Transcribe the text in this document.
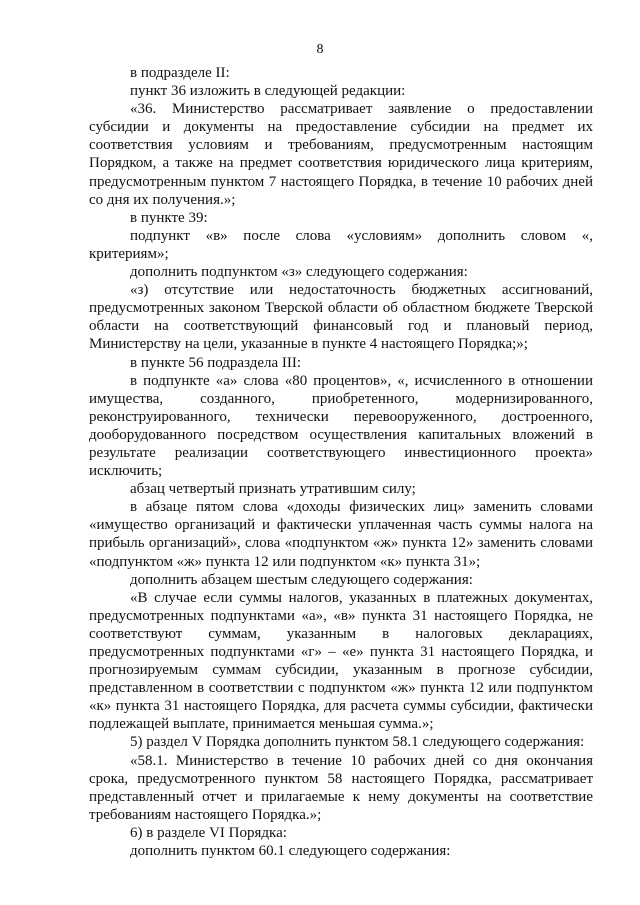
8

в подразделе II:

пункт 36 изложить в следующей редакции:

«36. Министерство рассматривает заявление о предоставлении субсидии и документы на предоставление субсидии на предмет их соответствия условиям и требованиям, предусмотренным настоящим Порядком, а также на предмет соответствия юридического лица критериям, предусмотренным пунктом 7 настоящего Порядка, в течение 10 рабочих дней со дня их получения.»;

в пункте 39:

подпункт «в» после слова «условиям» дополнить словом «, критериям»;

дополнить подпунктом «з» следующего содержания:

«з) отсутствие или недостаточность бюджетных ассигнований, предусмотренных законом Тверской области об областном бюджете Тверской области на соответствующий финансовый год и плановый период, Министерству на цели, указанные в пункте 4 настоящего Порядка;»;

в пункте 56 подраздела III:

в подпункте «а» слова «80 процентов», «, исчисленного в отношении имущества, созданного, приобретенного, модернизированного, реконструированного, технически перевооруженного, достроенного, дооборудованного посредством осуществления капитальных вложений в результате реализации соответствующего инвестиционного проекта» исключить;

абзац четвертый признать утратившим силу;

в абзаце пятом слова «доходы физических лиц» заменить словами «имущество организаций и фактически уплаченная часть суммы налога на прибыль организаций», слова «подпунктом «ж» пункта 12» заменить словами «подпунктом «ж» пункта 12 или подпунктом «к» пункта 31»;

дополнить абзацем шестым следующего содержания:

«В случае если суммы налогов, указанных в платежных документах, предусмотренных подпунктами «а», «в» пункта 31 настоящего Порядка, не соответствуют суммам, указанным в налоговых декларациях, предусмотренных подпунктами «г» – «е» пункта 31 настоящего Порядка, и прогнозируемым суммам субсидии, указанным в прогнозе субсидии, представленном в соответствии с подпунктом «ж» пункта 12 или подпунктом «к» пункта 31 настоящего Порядка, для расчета суммы субсидии, фактически подлежащей выплате, принимается меньшая сумма.»;

5) раздел V Порядка дополнить пунктом 58.1 следующего содержания:

«58.1. Министерство в течение 10 рабочих дней со дня окончания срока, предусмотренного пунктом 58 настоящего Порядка, рассматривает представленный отчет и прилагаемые к нему документы на соответствие требованиям настоящего Порядка.»;

6) в разделе VI Порядка:

дополнить пунктом 60.1 следующего содержания:
